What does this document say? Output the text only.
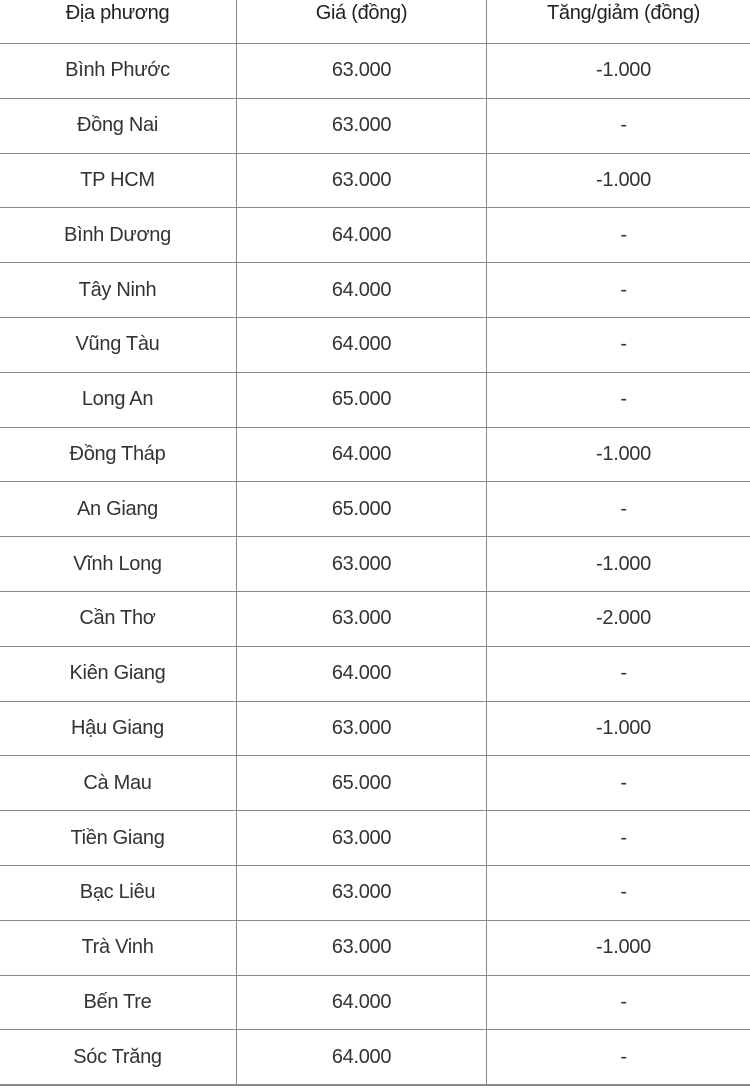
Địa phương	Giá (đồng)	Tăng/giảm (đồng)
Bình Phước	63.000	-1.000
Đồng Nai	63.000	-
TP HCM	63.000	-1.000
Bình Dương	64.000	-
Tây Ninh	64.000	-
Vũng Tàu	64.000	-
Long An	65.000	-
Đồng Tháp	64.000	-1.000
An Giang	65.000	-
Vĩnh Long	63.000	-1.000
Cần Thơ	63.000	-2.000
Kiên Giang	64.000	-
Hậu Giang	63.000	-1.000
Cà Mau	65.000	-
Tiền Giang	63.000	-
Bạc Liêu	63.000	-
Trà Vinh	63.000	-1.000
Bến Tre	64.000	-
Sóc Trăng	64.000	-
